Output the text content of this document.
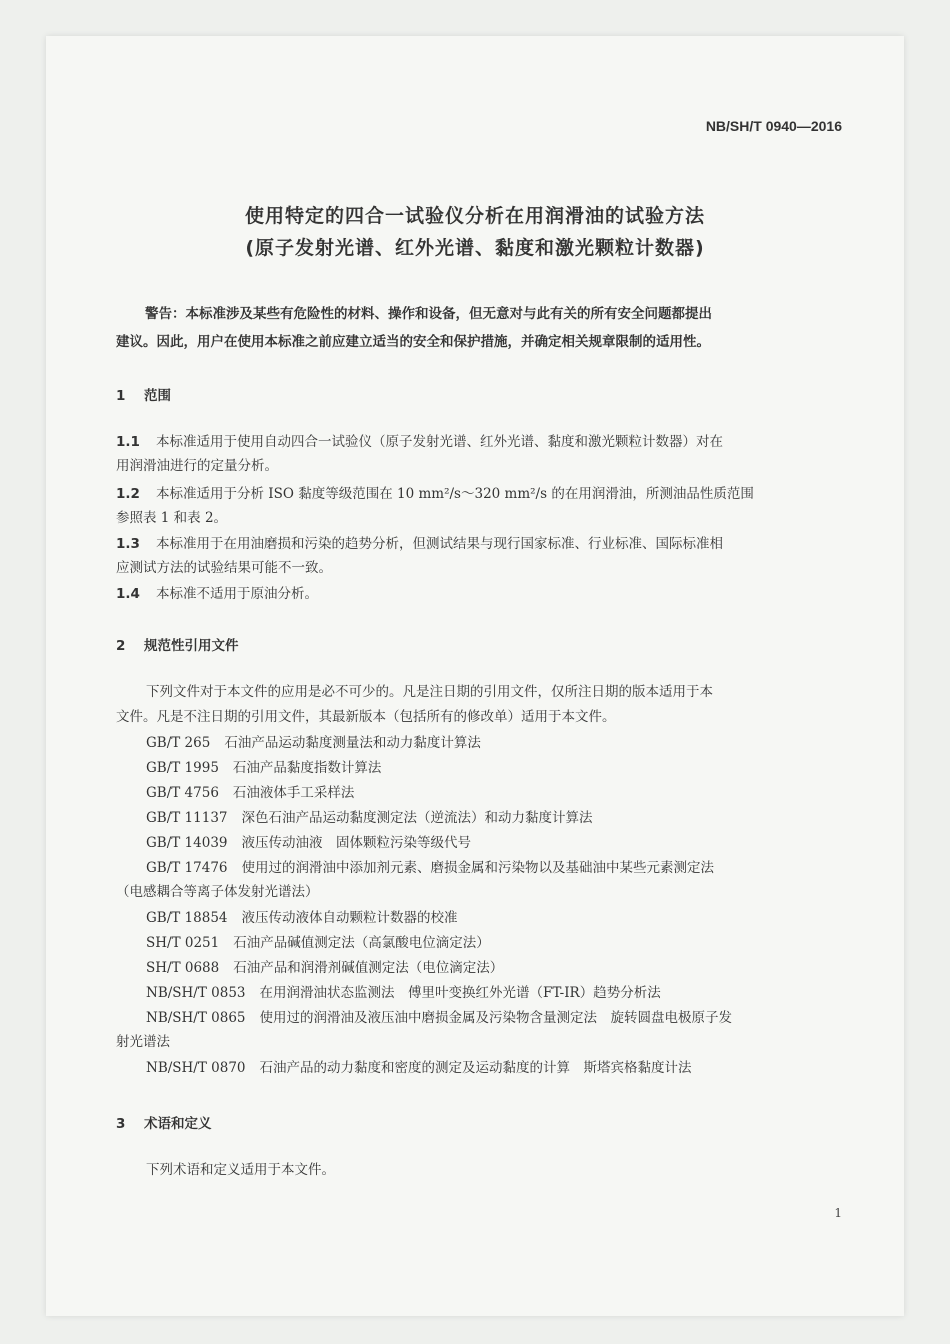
NB/SH/T 0940—2016
使用特定的四合一试验仪分析在用润滑油的试验方法
(原子发射光谱、红外光谱、黏度和激光颗粒计数器)
警告：本标准涉及某些有危险性的材料、操作和设备，但无意对与此有关的所有安全问题都提出
建议。因此，用户在使用本标准之前应建立适当的安全和保护措施，并确定相关规章限制的适用性。
1 范围
1.1 本标准适用于使用自动四合一试验仪（原子发射光谱、红外光谱、黏度和激光颗粒计数器）对在
用润滑油进行的定量分析。
1.2 本标准适用于分析 ISO 黏度等级范围在 10 mm²/s～320 mm²/s 的在用润滑油，所测油品性质范围
参照表 1 和表 2。
1.3 本标准用于在用油磨损和污染的趋势分析，但测试结果与现行国家标准、行业标准、国际标准相
应测试方法的试验结果可能不一致。
1.4 本标准不适用于原油分析。
2 规范性引用文件
下列文件对于本文件的应用是必不可少的。凡是注日期的引用文件，仅所注日期的版本适用于本
文件。凡是不注日期的引用文件，其最新版本（包括所有的修改单）适用于本文件。
GB/T 265 石油产品运动黏度测量法和动力黏度计算法
GB/T 1995 石油产品黏度指数计算法
GB/T 4756 石油液体手工采样法
GB/T 11137 深色石油产品运动黏度测定法（逆流法）和动力黏度计算法
GB/T 14039 液压传动油液　固体颗粒污染等级代号
GB/T 17476 使用过的润滑油中添加剂元素、磨损金属和污染物以及基础油中某些元素测定法
（电感耦合等离子体发射光谱法）
GB/T 18854 液压传动液体自动颗粒计数器的校准
SH/T 0251 石油产品碱值测定法（高氯酸电位滴定法）
SH/T 0688 石油产品和润滑剂碱值测定法（电位滴定法）
NB/SH/T 0853 在用润滑油状态监测法　傅里叶变换红外光谱（FT-IR）趋势分析法
NB/SH/T 0865 使用过的润滑油及液压油中磨损金属及污染物含量测定法　旋转圆盘电极原子发
射光谱法
NB/SH/T 0870 石油产品的动力黏度和密度的测定及运动黏度的计算　斯塔宾格黏度计法
3 术语和定义
下列术语和定义适用于本文件。
1
